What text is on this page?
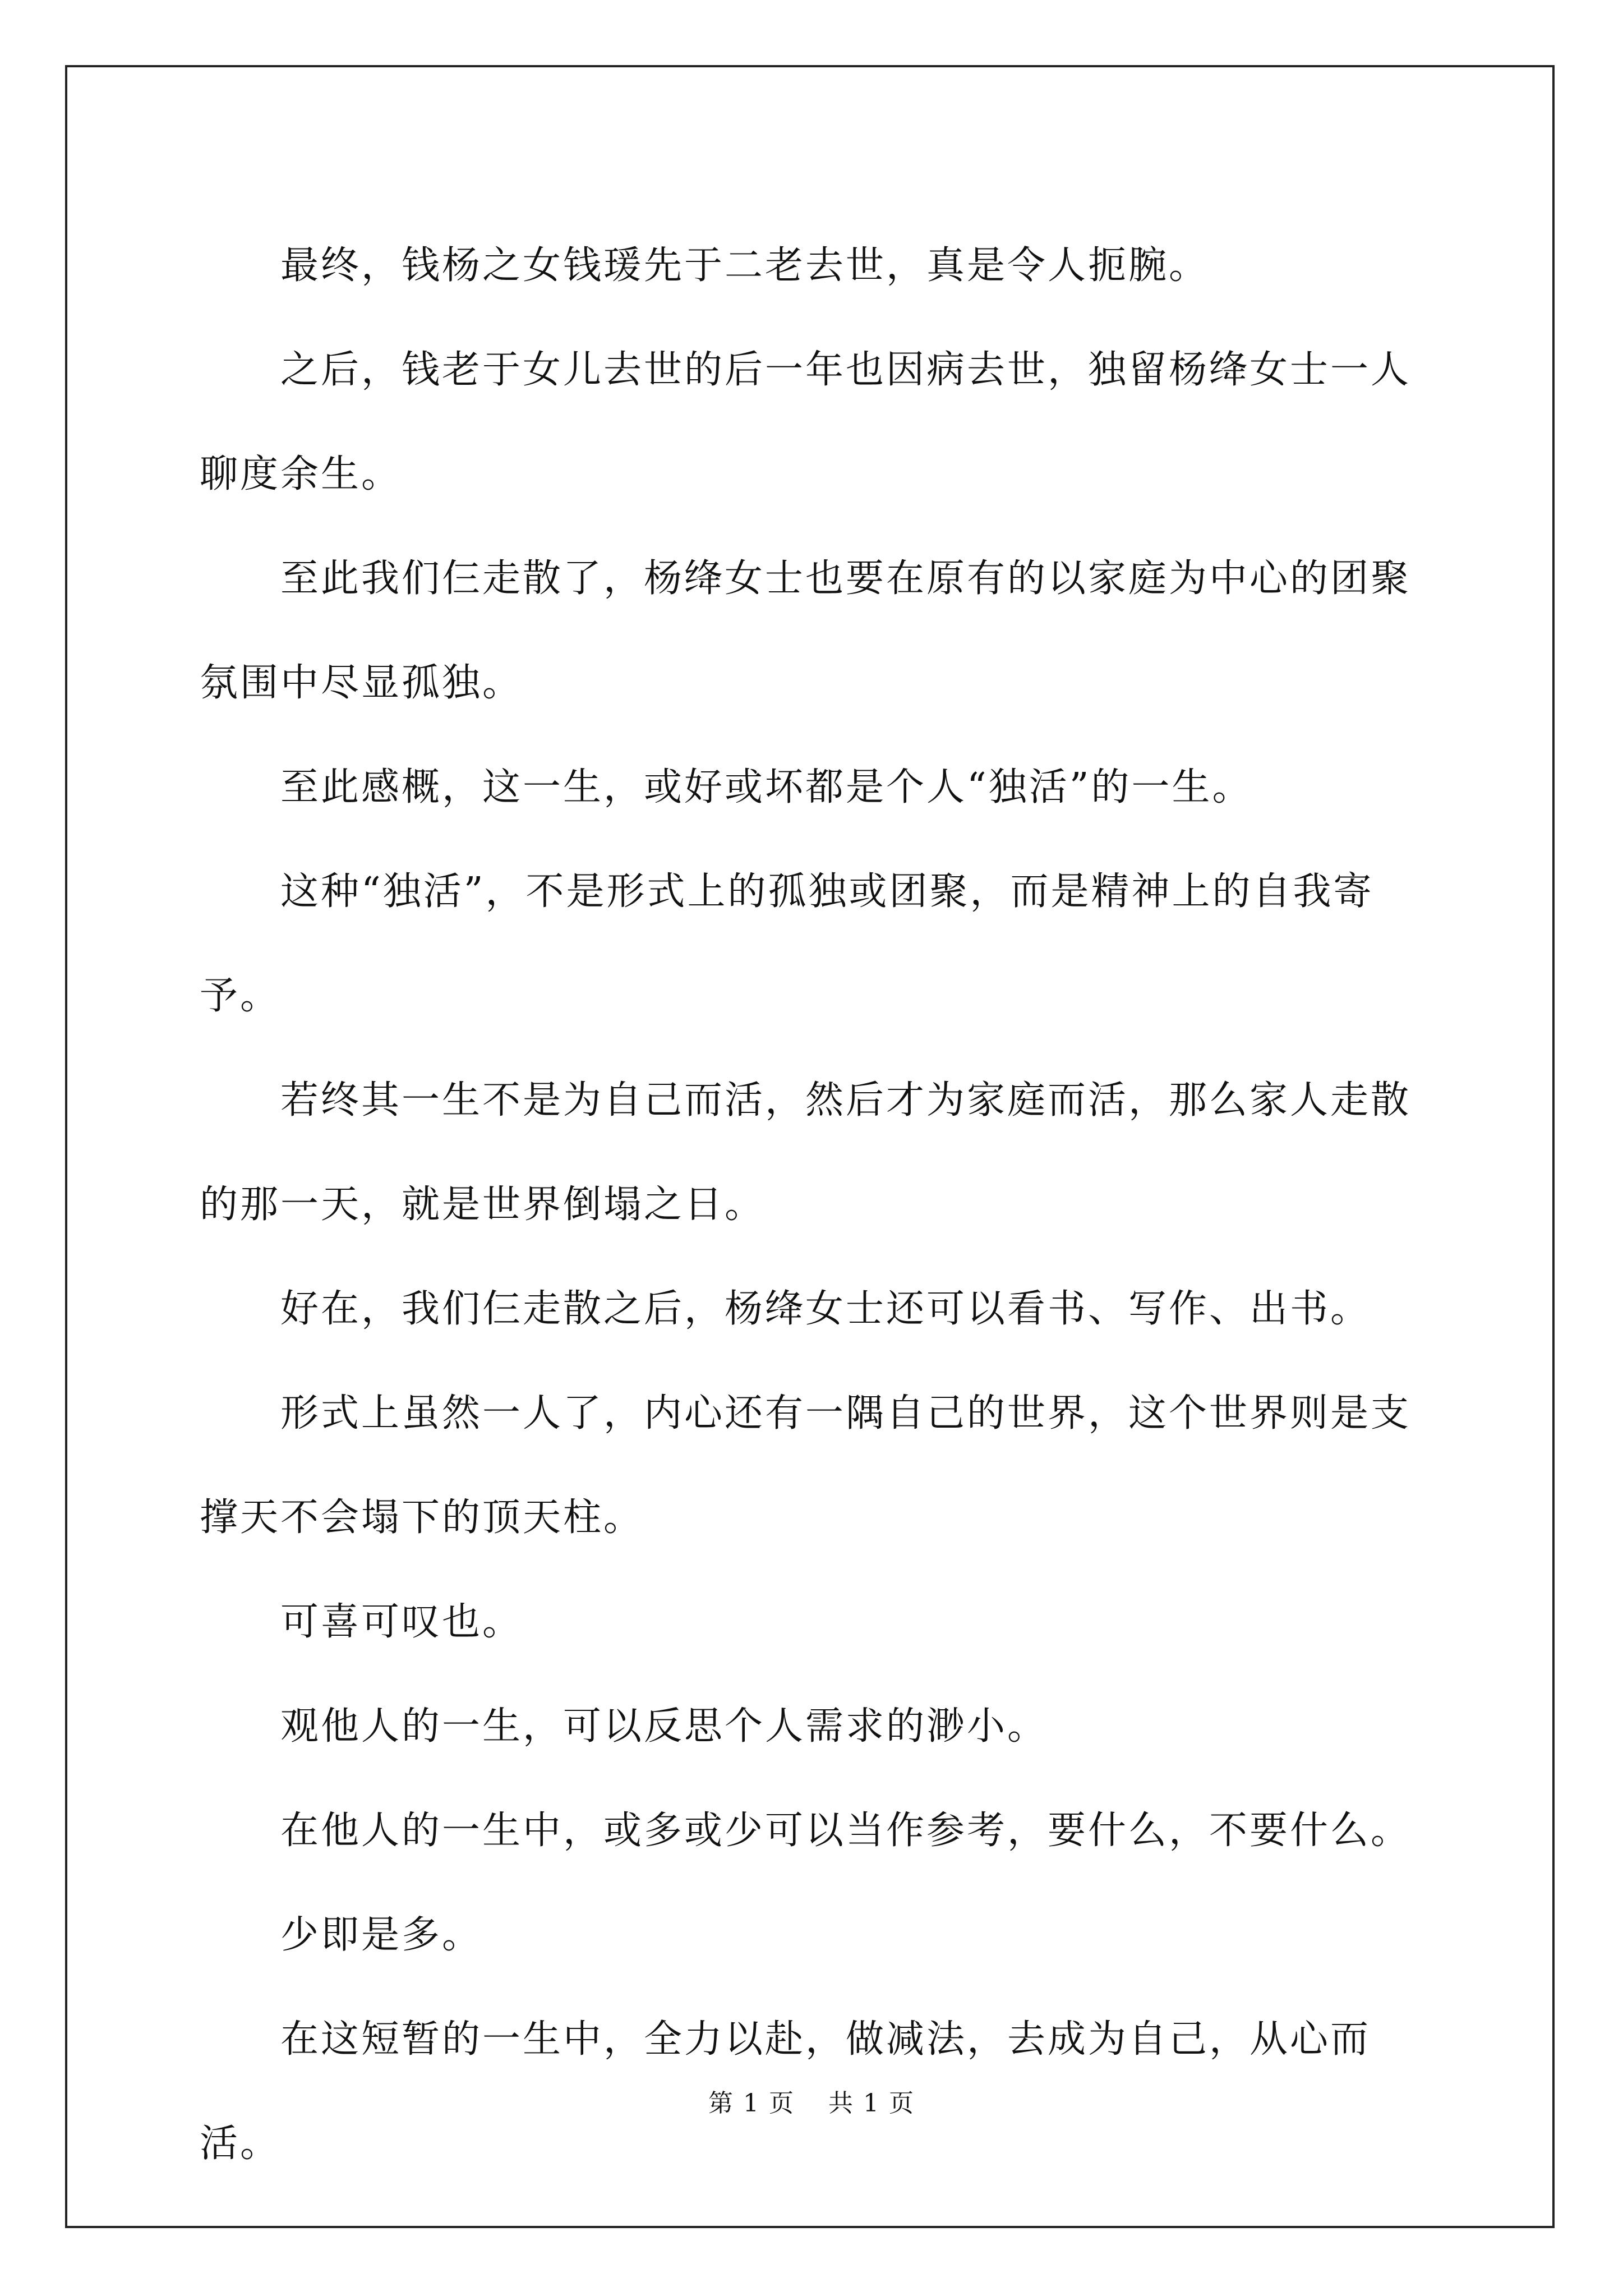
最终，钱杨之女钱瑗先于二老去世，真是令人扼腕。

之后，钱老于女儿去世的后一年也因病去世，独留杨绛女士一人聊度余生。

至此我们仨走散了，杨绛女士也要在原有的以家庭为中心的团聚氛围中尽显孤独。

至此感概，这一生，或好或坏都是个人“独活”的一生。

这种“独活”，不是形式上的孤独或团聚，而是精神上的自我寄予。

若终其一生不是为自己而活，然后才为家庭而活，那么家人走散的那一天，就是世界倒塌之日。

好在，我们仨走散之后，杨绛女士还可以看书、写作、出书。

形式上虽然一人了，内心还有一隅自己的世界，这个世界则是支撑天不会塌下的顶天柱。

可喜可叹也。

观他人的一生，可以反思个人需求的渺小。

在他人的一生中，或多或少可以当作参考，要什么，不要什么。

少即是多。

在这短暂的一生中，全力以赴，做减法，去成为自己，从心而活。

第 1 页 共 1 页
